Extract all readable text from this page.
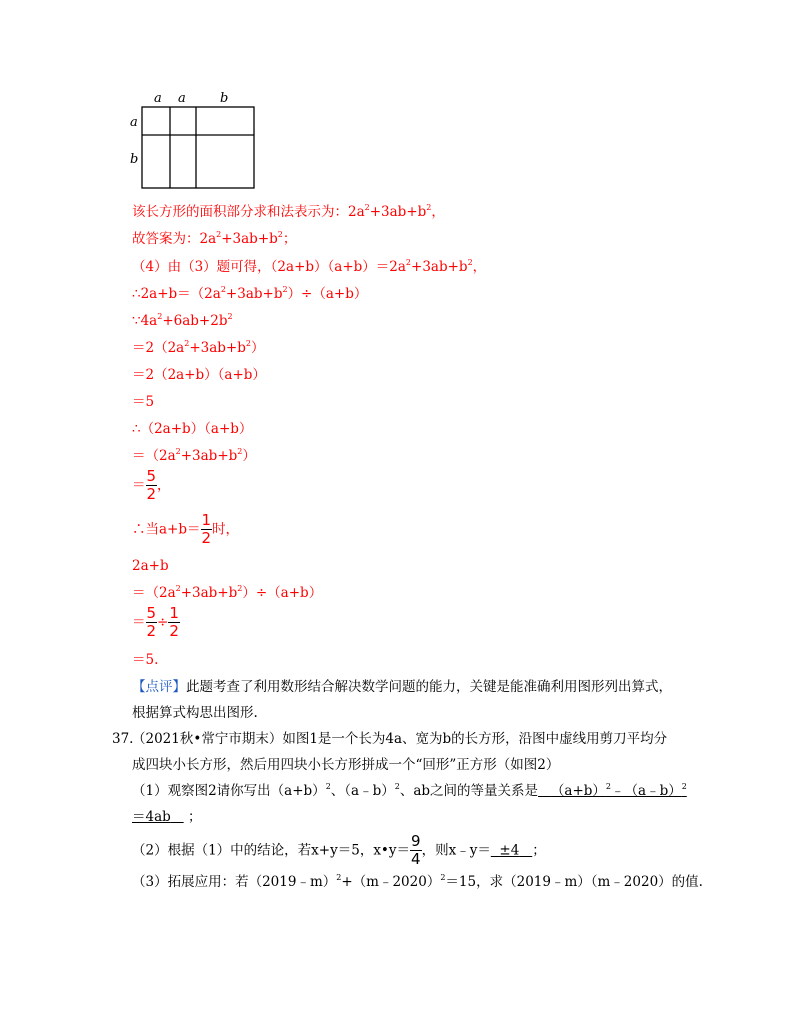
a a	b
a
b
该长方形的面积部分求和法表示为：$2a^2+3ab+b^2$，
故答案为：$2a^2+3ab+b^2$；
（4）由（3）题可得，$(2a+b)(a+b)=2a^2+3ab+b^2$，
$\therefore 2a+b=(2a^2+3ab+b^2)\div(a+b)$
$\because 4a^2+6ab+2b^2$
$=2(2a^2+3ab+b^2)$
＝2（2a+b）（a+b）
＝5
∴（2a+b）（a+b）
$=(2a^2+3ab+b^2)$
＝ $\frac{5}{2}$ ，
∴当$a+b= \frac{1}{2}$ 时，
2a+b
$=(2a^2+3ab+b^2)\div(a+b)$
＝ $\frac{5}{2} \div \frac{1}{2}$
＝5.
【点评】此题考查了利用数形结合解决数学问题的能力，关键是能准确利用图形列出算式，
根据算式构思出图形.
37.
（2021秋•常宁市期末）如图1是一个长为4a、宽为b的长方形，沿图中虚线用剪刀平均分
成四块小长方形，然后用四块小长方形拼成一个“回形”正方形（如图2）
（1）观察图2请你写出$(a+b)^2$、（a﹣b）$^2$、ab之间的等量关系是 $(a+b)^2﹣(a﹣b)^2$
＝4ab ；
（2）根据（1）中的结论，若x+y＝5，x•y＝ $\frac{9}{4}$ ，则x﹣y＝ ±4 ；
（3）拓展应用：若（2019﹣m）$^2$+（m﹣2020）$^2$＝15，求（2019﹣m）（m﹣2020）的值.
